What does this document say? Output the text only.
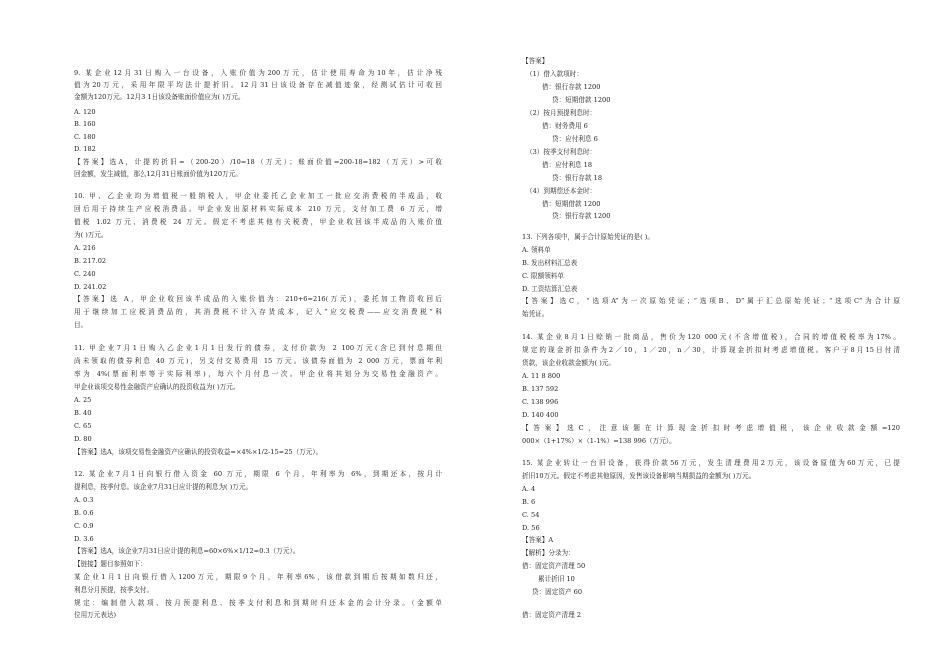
9. 某企业12月31日购入一台设备，入账价值为200万元，估计使用寿命为10年，估计净残
值为20万元，采用年限平均法计提折旧。12月31日该设备存在减值迹象，经测试估计可收回
金额为120万元。12月3 1日该设备账面价值应为( )万元。
A. 120
B. 160
C. 180
D. 182
【答案】选A，计提的折旧=（200-20）/10=18（万元）；账面价值=200-18=182（万元）>可收
回金额，发生减值，那么12月31日账面价值为120万元。
10. 甲、乙企业均为增值税一般纳税人，甲企业委托乙企业加工一批应交消费税的半成品，收
回后用于持续生产应税消费品。甲企业发出原材料实际成本 210 万元，支付加工费 6 万元，增
值税 1.02 万元、消费税 24 万元。假定不考虑其他有关税费，甲企业收回该半成品的入账价值
为( )万元。
A. 216
B. 217.02
C. 240
D. 241.02
【答案】选 A，甲企业收回该半成品的入账价值为：210+6=216(万元)，委托加工物资收回后
用于继续加工应税消费品的，其消费税不计入存货成本，记入“应交税费——应交消费税”科
目。
11. 甲企业7月1日购入乙企业1月1日发行的债券，支付价款为 2 100万元(含已到付息期但
尚未领取的债券利息 40 万元)，另支付交易费用 15 万元。该债券面值为 2 000 万元，票面年利
率为 4%(票面利率等于实际利率)，每六个月付息一次。甲企业将其划分为交易性金融资产。
甲企业该项交易性金融资产应确认的投资收益为( )万元。
A. 25
B. 40
C. 65
D. 80
【答案】选A，该项交易性金融资产应确认的投资收益=×4%×1/2-15=25（万元）。
12. 某企业7月1日向银行借入资金 60 万元，期限 6 个月，年利率为 6%，到期还本，按月计
提利息，按季付息。该企业7月31日应计提的利息为( )万元。
A. 0.3
B. 0.6
C. 0.9
D. 3.6
【答案】选A，该企业7月31日应计提的利息=60×6%×1/12=0.3（万元）。
【链接】题目参照如下：
某企业1月1日向银行借入1200万元，期限9个月，年利率6%，该借款到期后按期如数归还，
利息分月预提，按季支付。
规定：编制借入款项、按月预提利息、按季支付利息和到期时归还本金的会计分录。（金额单
位用万元表达)
【答案】
（1）借入款项时：
借：银行存款 1200
贷：短期借款 1200
（2）按月预提利息时：
借：财务费用 6
贷：应付利息 6
（3）按季支付利息时：
借：应付利息 18
贷：银行存款 18
（4）到期偿还本金时：
借：短期借款 1200
贷：银行存款 1200
13. 下列各项中，属于合计原始凭证的是( )。
A. 领料单
B. 发出材料汇总表
C. 限额领料单
D. 工资结算汇总表
【答案】选C，“选项A”为一次原始凭证；“选项B、D”属于汇总原始凭证；“选项C”为合计原
始凭证。
14. 某企业8月1日赊销一批商品，售价为120 000元(不含增值税)，合同的增值税税率为17%。
规定的现金折扣条件为2／10，1／20，n／30，计算现金折扣时考虑增值税。客户于8月15日付清
货款，该企业收款金额为( )元。
A. 11 8 800
B. 137 592
C. 138 996
D. 140 400
【答案】选C，注意该题在计算现金折扣时考虑增值税，该企业收款金额=120
000×（1+17%）×（1-1%）=138 996（万元）。
15. 某企业转让一台旧设备，获得价款56万元，发生清理费用2万元，该设备原值为60万元，已提
折旧10万元。假定不考虑其他原因，发售该设备影响当期损益的金额为( )万元。
A. 4
B. 6
C. 54
D. 56
【答案】A
【解析】分录为：
借：固定资产清理 50
累计折旧 10
贷：固定资产 60
借：固定资产清理 2
